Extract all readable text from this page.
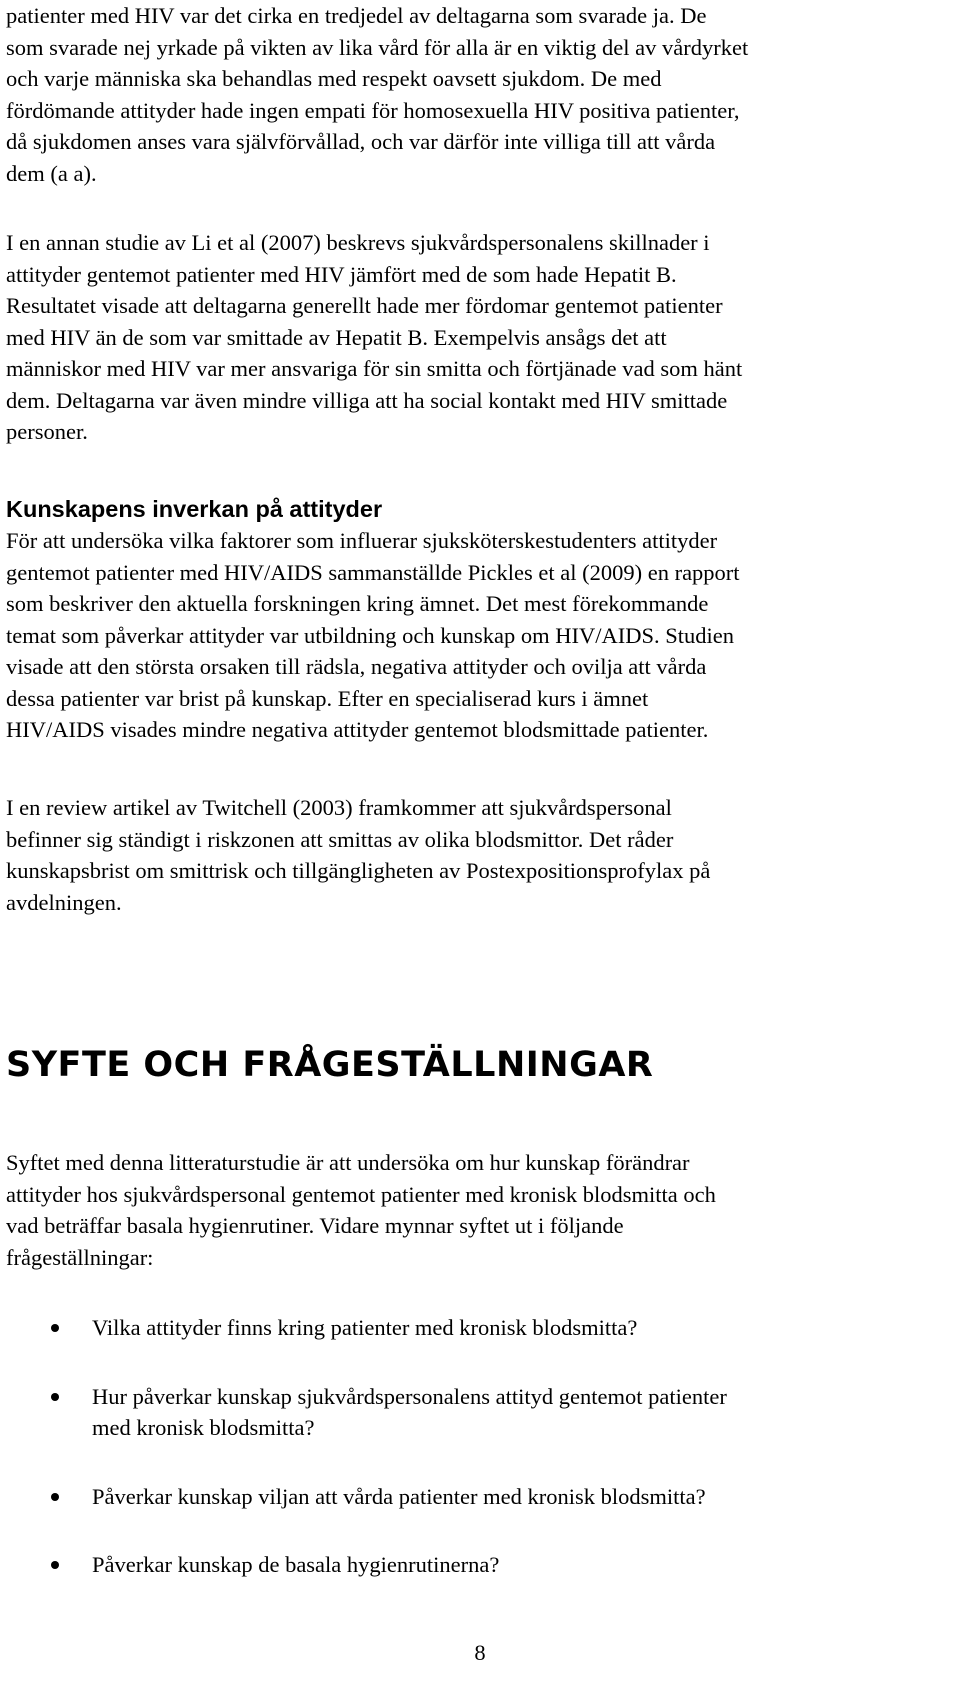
patienter med HIV var det cirka en tredjedel av deltagarna som svarade ja. De
som svarade nej yrkade på vikten av lika vård för alla är en viktig del av vårdyrket
och varje människa ska behandlas med respekt oavsett sjukdom. De med
fördömande attityder hade ingen empati för homosexuella HIV positiva patienter,
då sjukdomen anses vara självförvållad, och var därför inte villiga till att vårda
dem (a a).

I en annan studie av Li et al (2007) beskrevs sjukvårdspersonalens skillnader i
attityder gentemot patienter med HIV jämfört med de som hade Hepatit B.
Resultatet visade att deltagarna generellt hade mer fördomar gentemot patienter
med HIV än de som var smittade av Hepatit B. Exempelvis ansågs det att
människor med HIV var mer ansvariga för sin smitta och förtjänade vad som hänt
dem. Deltagarna var även mindre villiga att ha social kontakt med HIV smittade
personer.

Kunskapens inverkan på attityder

För att undersöka vilka faktorer som influerar sjuksköterskestudenters attityder
gentemot patienter med HIV/AIDS sammanställde Pickles et al (2009) en rapport
som beskriver den aktuella forskningen kring ämnet. Det mest förekommande
temat som påverkar attityder var utbildning och kunskap om HIV/AIDS. Studien
visade att den största orsaken till rädsla, negativa attityder och ovilja att vårda
dessa patienter var brist på kunskap. Efter en specialiserad kurs i ämnet
HIV/AIDS visades mindre negativa attityder gentemot blodsmittade patienter.

I en review artikel av Twitchell (2003) framkommer att sjukvårdspersonal
befinner sig ständigt i riskzonen att smittas av olika blodsmittor. Det råder
kunskapsbrist om smittrisk och tillgängligheten av Postexpositionsprofylax på
avdelningen.

SYFTE OCH FRÅGESTÄLLNINGAR

Syftet med denna litteraturstudie är att undersöka om hur kunskap förändrar
attityder hos sjukvårdspersonal gentemot patienter med kronisk blodsmitta och
vad beträffar basala hygienrutiner. Vidare mynnar syftet ut i följande
frågeställningar:

Vilka attityder finns kring patienter med kronisk blodsmitta?
Hur påverkar kunskap sjukvårdspersonalens attityd gentemot patienter
med kronisk blodsmitta?
Påverkar kunskap viljan att vårda patienter med kronisk blodsmitta?
Påverkar kunskap de basala hygienrutinerna?
8
